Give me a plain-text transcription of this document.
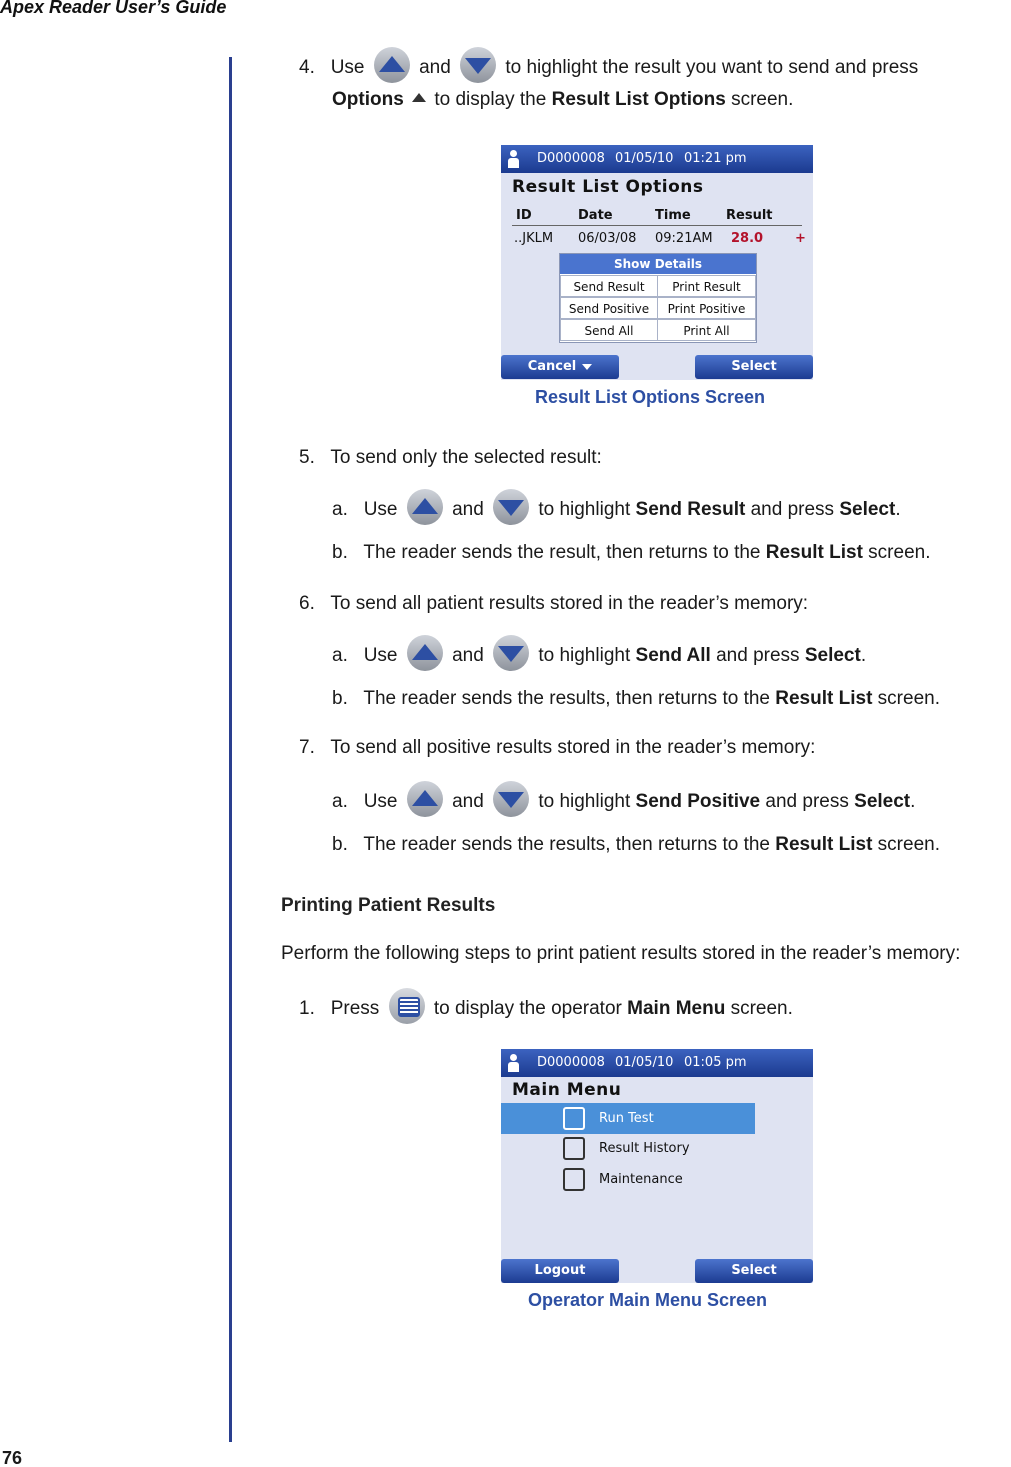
Apex Reader User’s Guide
76
4. Use	and	to highlight the result you want to send and press
Options to display the Result List Options screen.
D0000008 01/05/10 01:21 pm
Result List Options
ID	Date	Time	Result
..JKLM 06/03/08 09:21AM 28.0 +
Show Details
Send Result	Print Result
Send Positive	Print Positive
Send All	Print All
Cancel	Select
Result List Options Screen
5. To send only the selected result:
a. Use	and	to highlight Send Result and press Select.
b. The reader sends the result, then returns to the Result List screen.
6. To send all patient results stored in the reader’s memory:
a. Use	and	to highlight Send All and press Select.
b. The reader sends the results, then returns to the Result List screen.
7. To send all positive results stored in the reader’s memory:
a. Use	and	to highlight Send Positive and press Select.
b. The reader sends the results, then returns to the Result List screen.
Printing Patient Results
Perform the following steps to print patient results stored in the reader’s memory:
1. Press	to display the operator Main Menu screen.
D0000008 01/05/10 01:05 pm
Main Menu
Run Test
Result History
Maintenance
Logout	Select
Operator Main Menu Screen
